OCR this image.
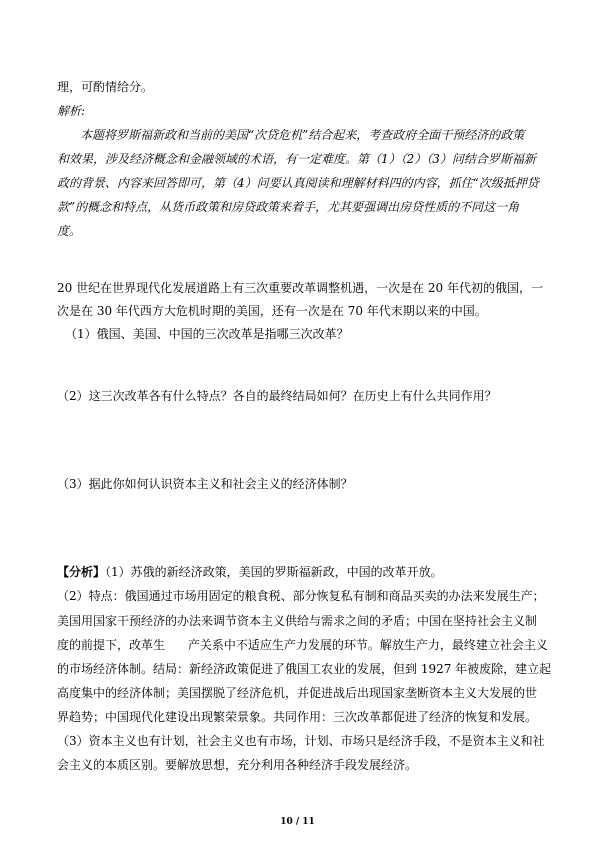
理，可酌情给分。
解析:
本题将罗斯福新政和当前的美国“次贷危机”结合起来，考查政府全面干预经济的政策
和效果，涉及经济概念和金融领域的术语，有一定难度。第（1）（2）（3）问结合罗斯福新
政的背景、内容来回答即可，第（4）问要认真阅读和理解材料四的内容，抓住“次级抵押贷
款”的概念和特点，从货币政策和房贷政策来着手，尤其要强调出房贷性质的不同这一角
度。
20 世纪在世界现代化发展道路上有三次重要改革调整机遇，一次是在 20 年代初的俄国，一
次是在 30 年代西方大危机时期的美国，还有一次是在 70 年代末期以来的中国。
（1）俄国、美国、中国的三次改革是指哪三次改革？
（2）这三次改革各有什么特点？各自的最终结局如何？在历史上有什么共同作用？
（3）据此你如何认识资本主义和社会主义的经济体制？
【分析】（1）苏俄的新经济政策，美国的罗斯福新政，中国的改革开放。
（2）特点：俄国通过市场用固定的粮食税、部分恢复私有制和商品买卖的办法来发展生产；
美国用国家干预经济的办法来调节资本主义供给与需求之间的矛盾；中国在坚持社会主义制
度的前提下，改革生      产关系中不适应生产力发展的环节。解放生产力，最终建立社会主义
的市场经济体制。结局：新经济政策促进了俄国工农业的发展，但到 1927 年被废除，建立起
高度集中的经济体制；美国摆脱了经济危机，并促进战后出现国家垄断资本主义大发展的世
界趋势；中国现代化建设出现繁荣景象。共同作用：三次改革都促进了经济的恢复和发展。
（3）资本主义也有计划，社会主义也有市场，计划、市场只是经济手段，不是资本主义和社
会主义的本质区别。要解放思想，充分利用各种经济手段发展经济。
10 / 11
